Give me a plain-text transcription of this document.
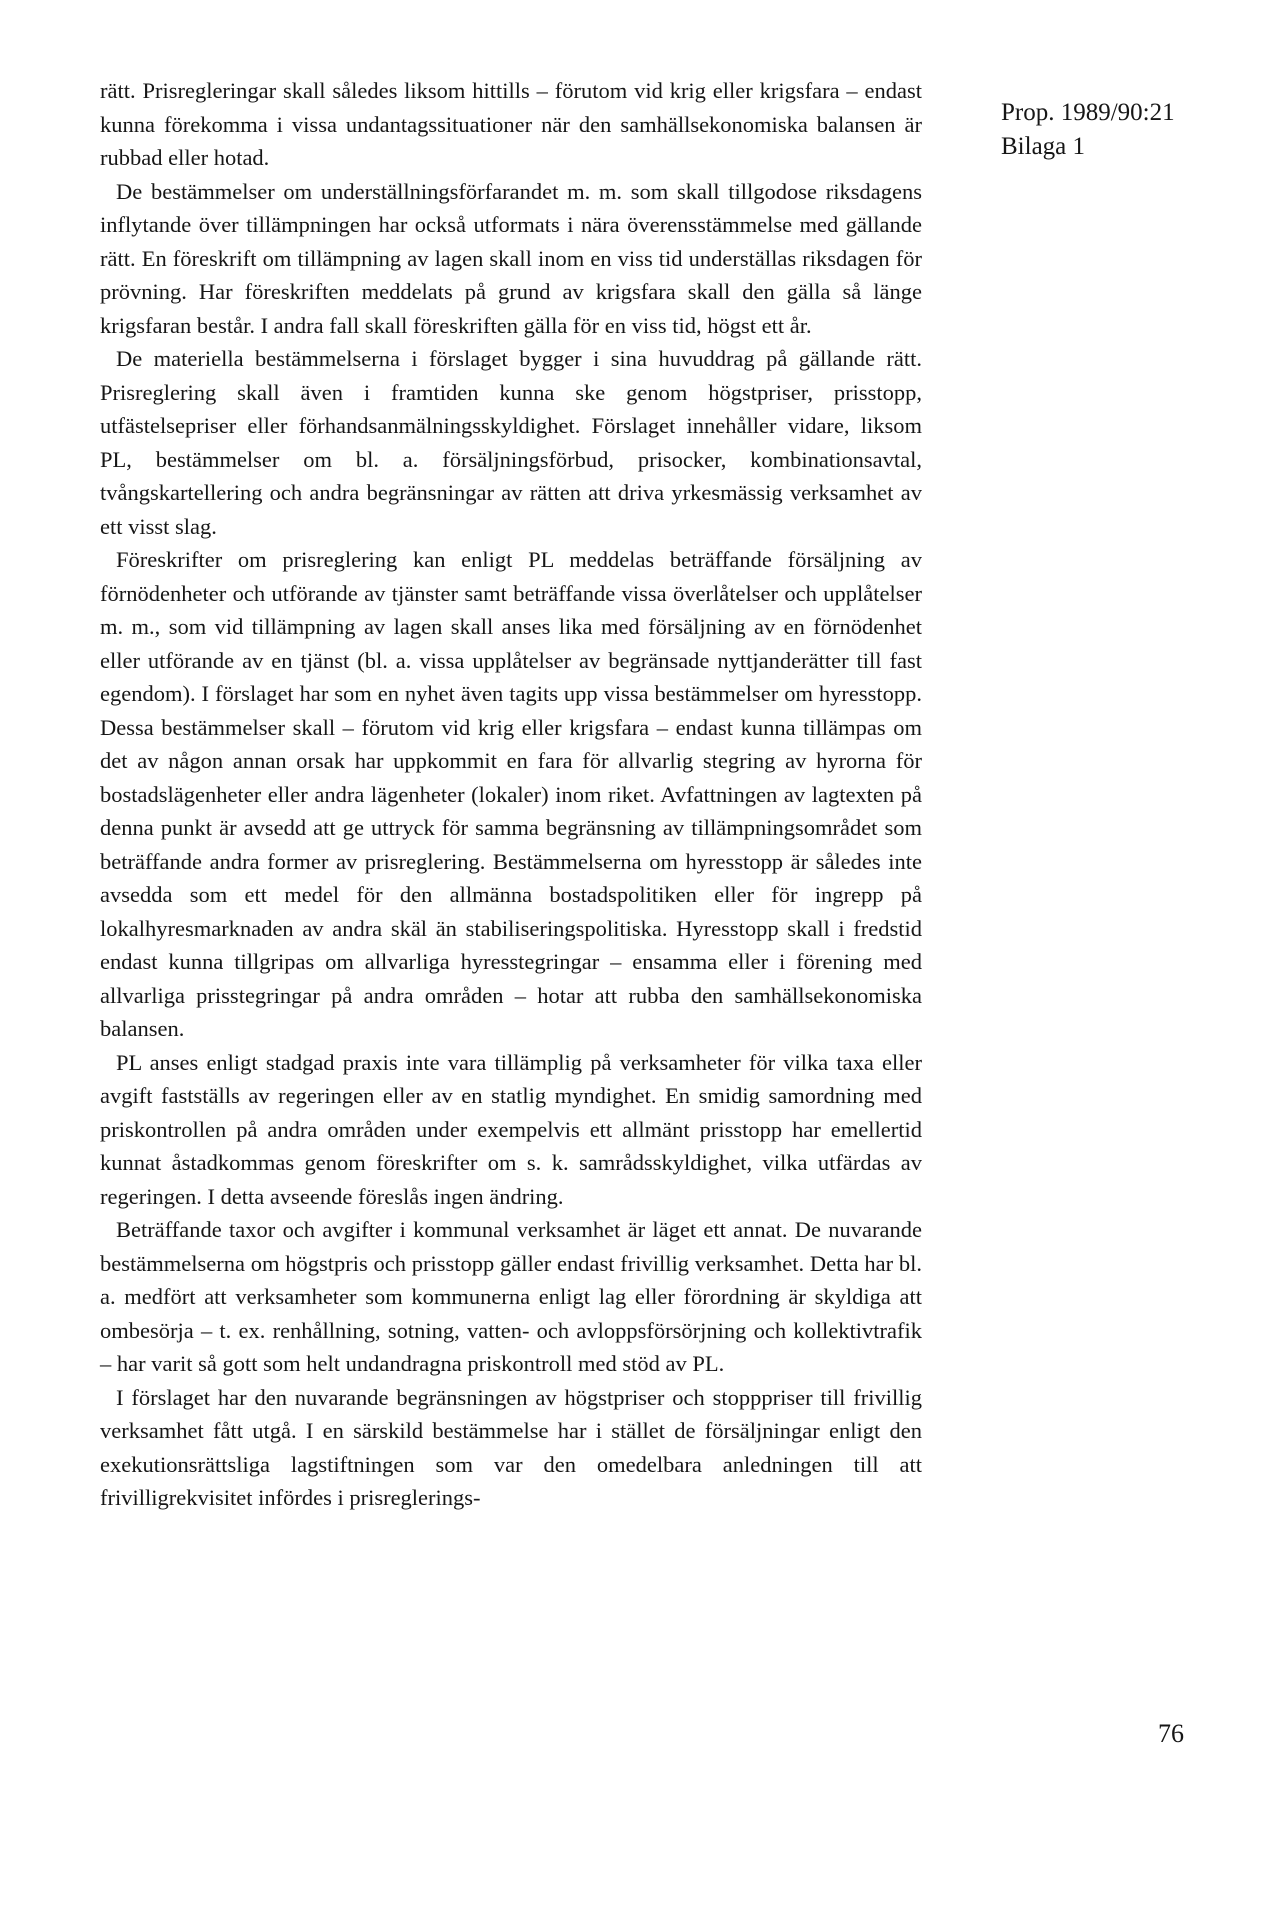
rätt. Prisregleringar skall således liksom hittills – förutom vid krig eller krigsfara – endast kunna förekomma i vissa undantagssituationer när den samhällsekonomiska balansen är rubbad eller hotad.

De bestämmelser om underställningsförfarandet m. m. som skall tillgodose riksdagens inflytande över tillämpningen har också utformats i nära överensstämmelse med gällande rätt. En föreskrift om tillämpning av lagen skall inom en viss tid underställas riksdagen för prövning. Har föreskriften meddelats på grund av krigsfara skall den gälla så länge krigsfaran består. I andra fall skall föreskriften gälla för en viss tid, högst ett år.

De materiella bestämmelserna i förslaget bygger i sina huvuddrag på gällande rätt. Prisreglering skall även i framtiden kunna ske genom högstpriser, prisstopp, utfästelsepriser eller förhandsanmälningsskyldighet. Förslaget innehåller vidare, liksom PL, bestämmelser om bl. a. försäljningsförbud, prisocker, kombinationsavtal, tvångskartellering och andra begränsningar av rätten att driva yrkesmässig verksamhet av ett visst slag.

Föreskrifter om prisreglering kan enligt PL meddelas beträffande försäljning av förnödenheter och utförande av tjänster samt beträffande vissa överlåtelser och upplåtelser m. m., som vid tillämpning av lagen skall anses lika med försäljning av en förnödenhet eller utförande av en tjänst (bl. a. vissa upplåtelser av begränsade nyttjanderätter till fast egendom). I förslaget har som en nyhet även tagits upp vissa bestämmelser om hyresstopp. Dessa bestämmelser skall – förutom vid krig eller krigsfara – endast kunna tillämpas om det av någon annan orsak har uppkommit en fara för allvarlig stegring av hyrorna för bostadslägenheter eller andra lägenheter (lokaler) inom riket. Avfattningen av lagtexten på denna punkt är avsedd att ge uttryck för samma begränsning av tillämpningsområdet som beträffande andra former av prisreglering. Bestämmelserna om hyresstopp är således inte avsedda som ett medel för den allmänna bostadspolitiken eller för ingrepp på lokalhyresmarknaden av andra skäl än stabiliseringspolitiska. Hyresstopp skall i fredstid endast kunna tillgripas om allvarliga hyresstegringar – ensamma eller i förening med allvarliga prisstegringar på andra områden – hotar att rubba den samhällsekonomiska balansen.

PL anses enligt stadgad praxis inte vara tillämplig på verksamheter för vilka taxa eller avgift fastställs av regeringen eller av en statlig myndighet. En smidig samordning med priskontrollen på andra områden under exempelvis ett allmänt prisstopp har emellertid kunnat åstadkommas genom föreskrifter om s. k. samrådsskyldighet, vilka utfärdas av regeringen. I detta avseende föreslås ingen ändring.

Beträffande taxor och avgifter i kommunal verksamhet är läget ett annat. De nuvarande bestämmelserna om högstpris och prisstopp gäller endast frivillig verksamhet. Detta har bl. a. medfört att verksamheter som kommunerna enligt lag eller förordning är skyldiga att ombesörja – t. ex. renhållning, sotning, vatten- och avloppsförsörjning och kollektivtrafik – har varit så gott som helt undandragna priskontroll med stöd av PL.

I förslaget har den nuvarande begränsningen av högstpriser och stopppriser till frivillig verksamhet fått utgå. I en särskild bestämmelse har i stället de försäljningar enligt den exekutionsrättsliga lagstiftningen som var den omedelbara anledningen till att frivilligrekvisitet infördes i prisreglerings-

Prop. 1989/90:21
Bilaga 1
76
